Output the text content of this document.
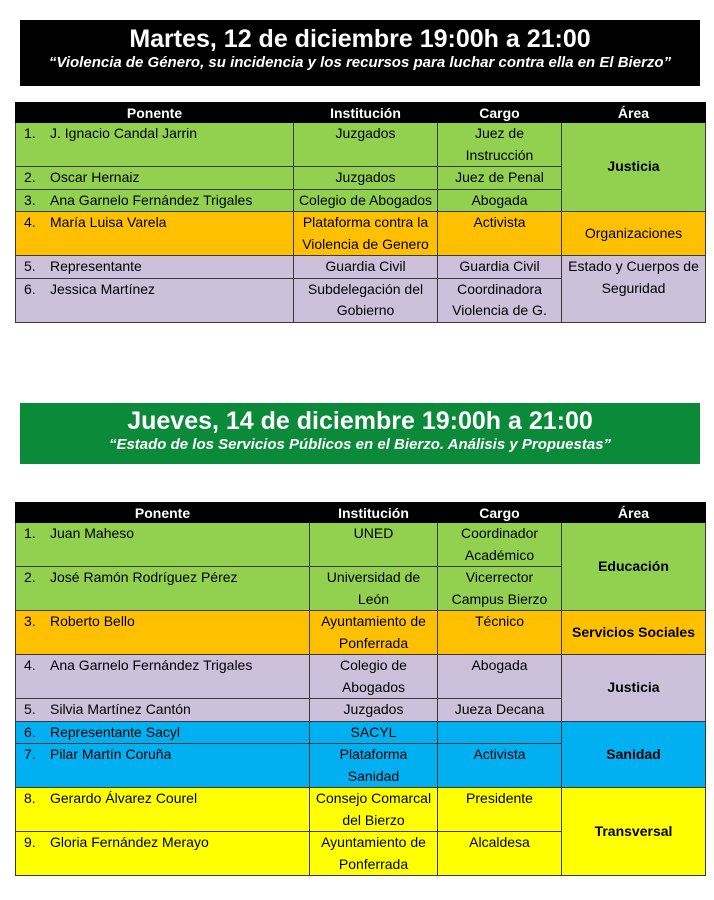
Martes, 12 de diciembre 19:00h a 21:00
“Violencia de Género, su incidencia y los recursos para luchar contra ella en El Bierzo”
Ponente	Institución	Cargo	Área
1. J. Ignacio Candal Jarrin	Juzgados	Juez de Instrucción	Justicia
2. Oscar Hernaiz	Juzgados	Juez de Penal	
3. Ana Garnelo Fernández Trigales	Colegio de Abogados	Abogada	
4. María Luisa Varela	Plataforma contra la Violencia de Genero	Activista	Organizaciones
5. Representante	Guardia Civil	Guardia Civil	Estado y Cuerpos de Seguridad
6. Jessica Martínez	Subdelegación del Gobierno	Coordinadora Violencia de G.	
Jueves, 14 de diciembre 19:00h a 21:00
“Estado de los Servicios Públicos en el Bierzo. Análisis y Propuestas”
Ponente	Institución	Cargo	Área
1. Juan Maheso	UNED	Coordinador Académico	Educación
2. José Ramón Rodríguez Pérez	Universidad de León	Vicerrector Campus Bierzo	
3. Roberto Bello	Ayuntamiento de Ponferrada	Técnico	Servicios Sociales
4. Ana Garnelo Fernández Trigales	Colegio de Abogados	Abogada	Justicia
5. Silvia Martínez Cantón	Juzgados	Jueza Decana	
6. Representante Sacyl	SACYL		Sanidad
7. Pilar Martín Coruña	Plataforma Sanidad	Activista	
8. Gerardo Álvarez Courel	Consejo Comarcal del Bierzo	Presidente	Transversal
9. Gloria Fernández Merayo	Ayuntamiento de Ponferrada	Alcaldesa	
